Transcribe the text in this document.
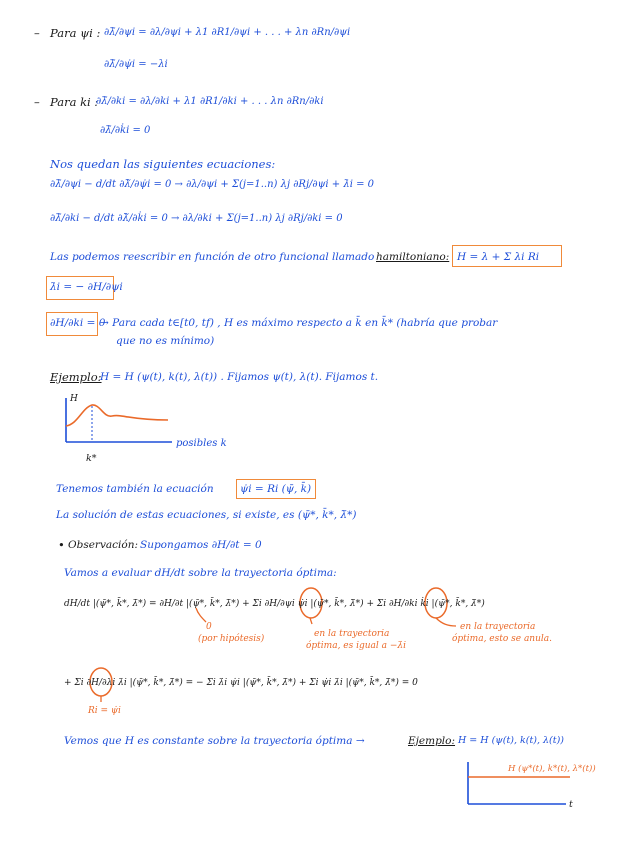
– Para ψi : ∂λ̃/∂ψi = ∂λ/∂ψi + λ1 ∂R1/∂ψi + . . . + λn ∂Rn/∂ψi
∂λ̃/∂ψ̇i = −λi
– Para ki :
∂λ̃/∂ki = ∂λ/∂ki + λ1 ∂R1/∂ki + . . . λn ∂Rn/∂ki
∂λ̃/∂k̇i = 0
Nos quedan las siguientes ecuaciones:
∂λ̃/∂ψi − d/dt ∂λ̃/∂ψ̇i = 0 → ∂λ/∂ψi + Σ(j=1..n) λj ∂Rj/∂ψi + λ̇i = 0
∂λ̃/∂ki − d/dt ∂λ̃/∂k̇i = 0 → ∂λ/∂ki + Σ(j=1..n) λj ∂Rj/∂ki = 0
Las podemos reescribir en función de otro funcional llamado hamiltoniano: H = λ + Σ λi Ri
λ̇i = − ∂H/∂ψi
∂H/∂ki = 0
→ Para cada t∈[t0, tf) , H es máximo respecto a k̄ en k̄* (habría que probar
que no es mínimo)
Ejemplo:
H = H (ψ(t), k(t), λ(t)) . Fijamos ψ(t), λ(t). Fijamos t.
H
posibles k
k*
Tenemos también la ecuación	ψ̇i = Ri (ψ̄, k̄)
La solución de estas ecuaciones, si existe, es (ψ̄*, k̄*, λ̄*)
• Observación: Supongamos ∂H/∂t = 0
Vamos a evaluar dH/dt sobre la trayectoria óptima:
dH/dt |(ψ̄*, k̄*, λ̄*) = ∂H/∂t |(ψ̄*, k̄*, λ̄*) + Σi ∂H/∂ψi ψ̇i |(ψ̄*, k̄*, λ̄*) + Σi ∂H/∂ki k̇i |(ψ̄*, k̄*, λ̄*)
0
(por hipótesis)	en la trayectoria
óptima, es igual a −λ̇i
en la trayectoria
óptima, esto se anula.
+ Σi ∂H/∂λi λ̇i |(ψ̄*, k̄*, λ̄*) = − Σi λ̇i ψ̇i |(ψ̄*, k̄*, λ̄*) + Σi ψ̇i λ̇i |(ψ̄*, k̄*, λ̄*) = 0
Ri = ψ̇i
Vemos que H es constante sobre la trayectoria óptima →	Ejemplo: H = H (ψ(t), k(t), λ(t))
H (ψ*(t), k*(t), λ*(t))
t
